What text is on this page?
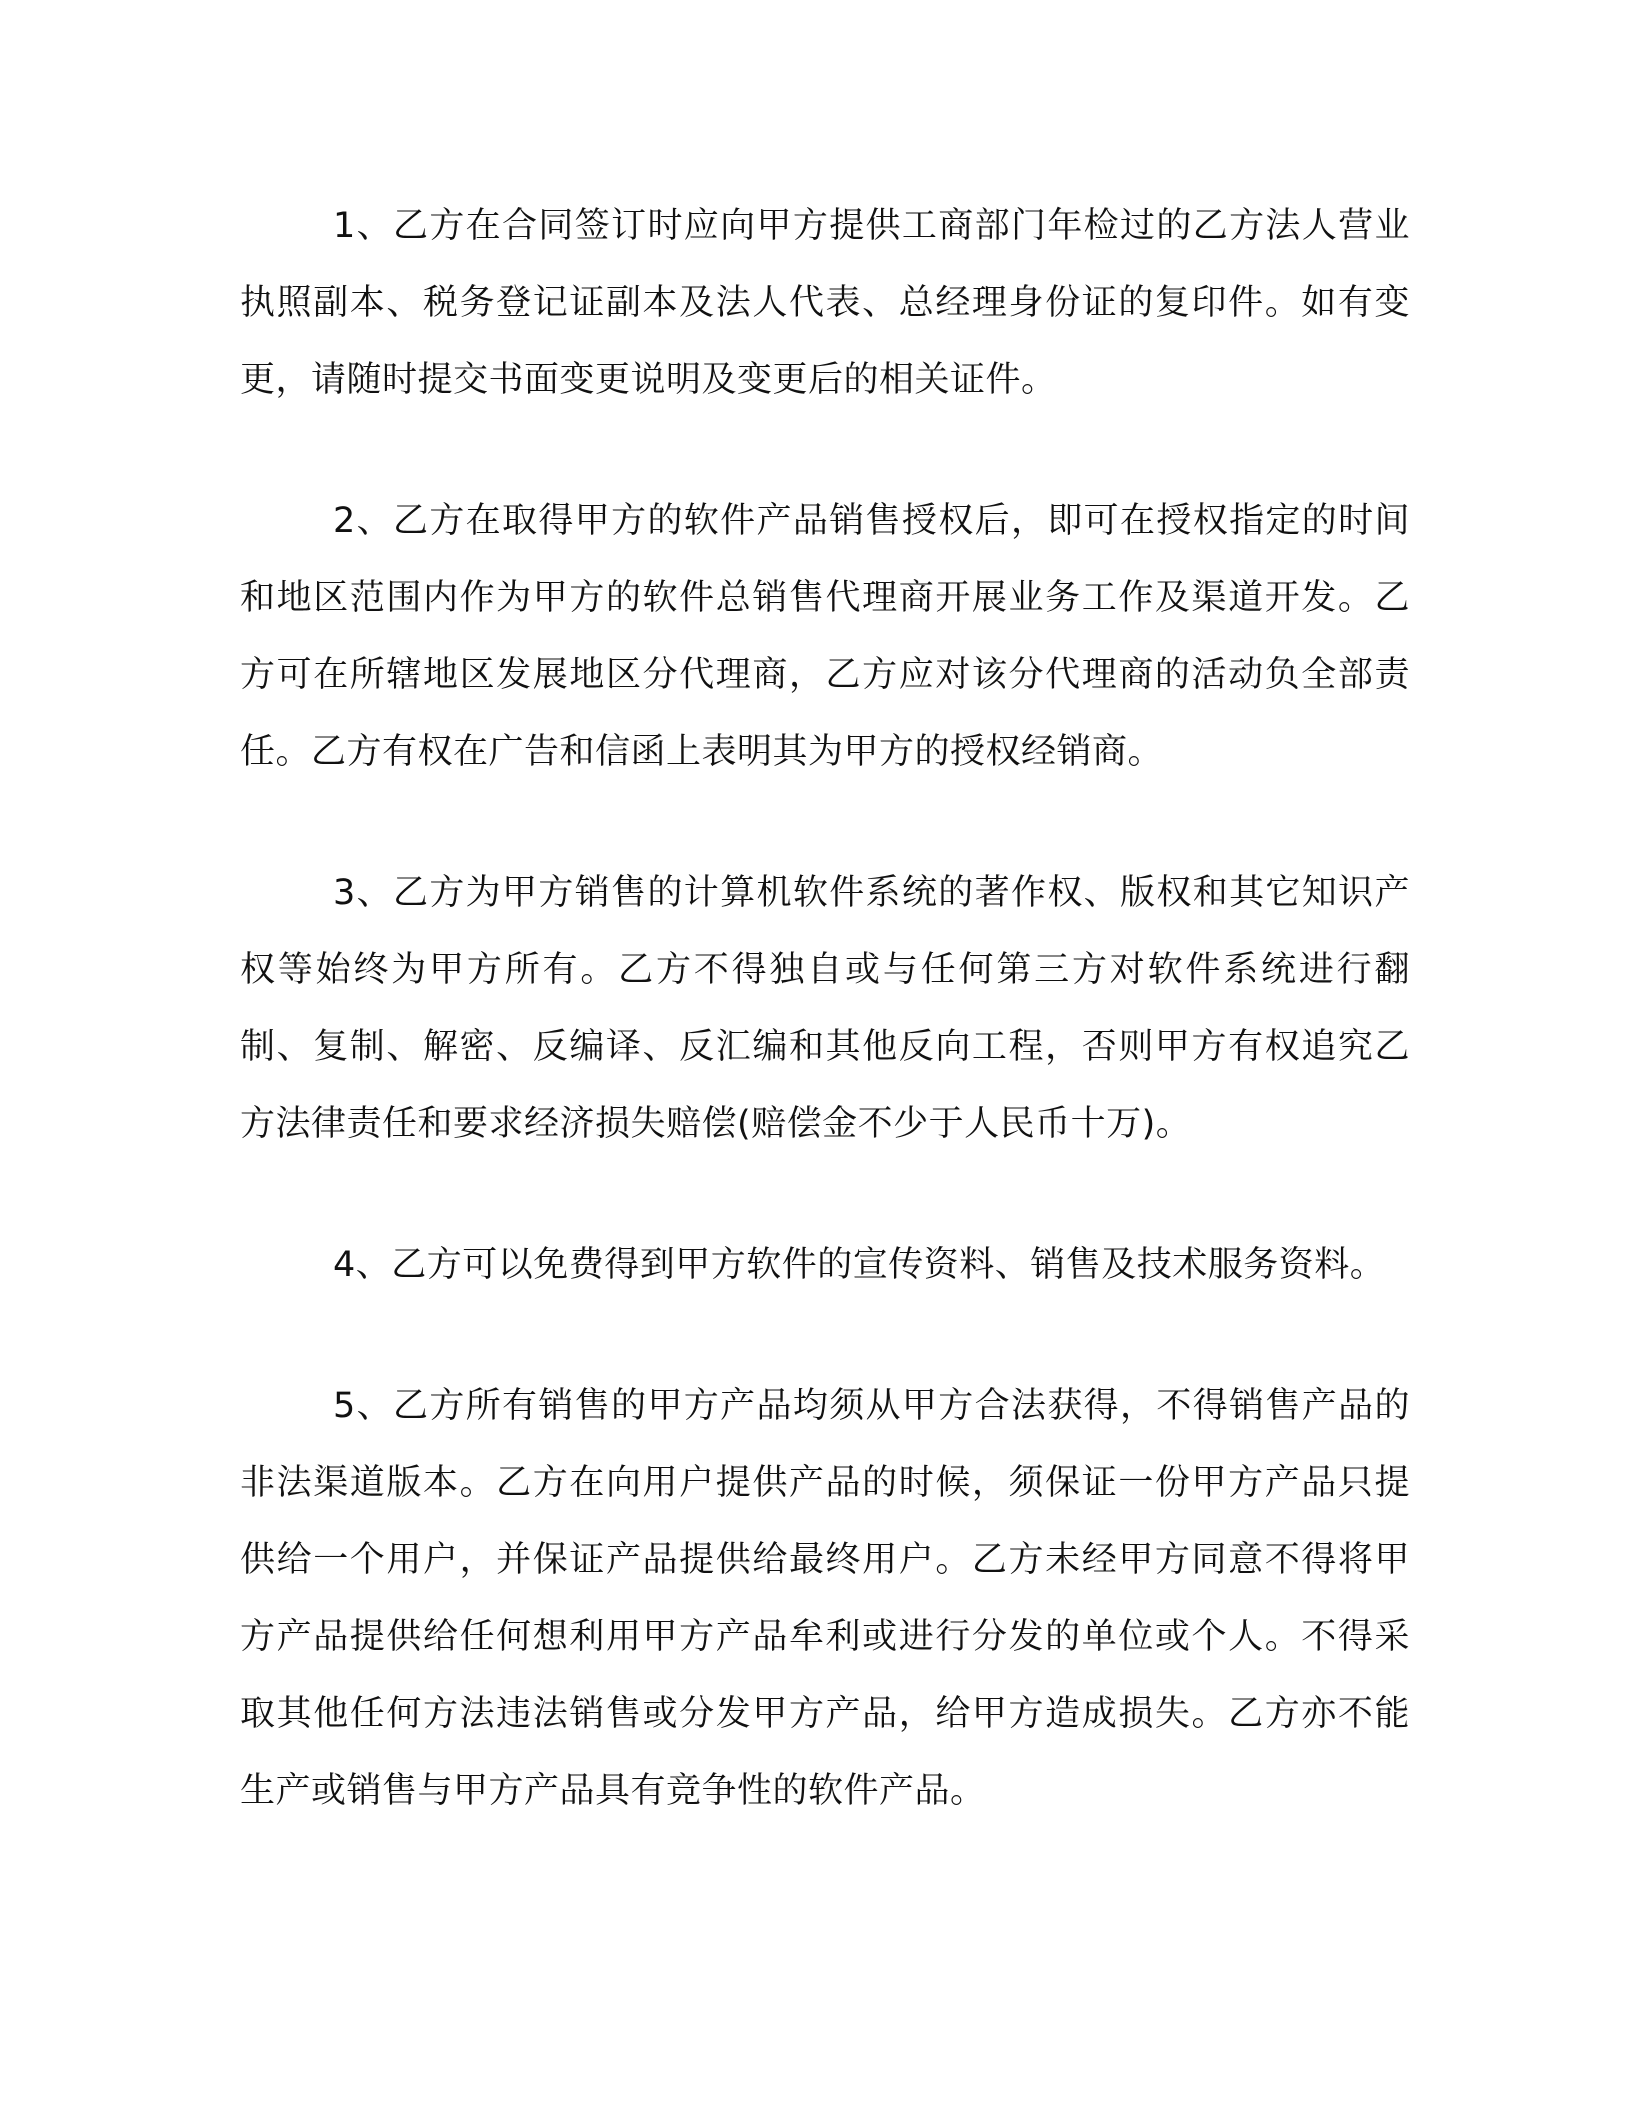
1、乙方在合同签订时应向甲方提供工商部门年检过的乙方法人营业执照副本、税务登记证副本及法人代表、总经理身份证的复印件。如有变更，请随时提交书面变更说明及变更后的相关证件。

2、乙方在取得甲方的软件产品销售授权后，即可在授权指定的时间和地区范围内作为甲方的软件总销售代理商开展业务工作及渠道开发。乙方可在所辖地区发展地区分代理商，乙方应对该分代理商的活动负全部责任。乙方有权在广告和信函上表明其为甲方的授权经销商。

3、乙方为甲方销售的计算机软件系统的著作权、版权和其它知识产权等始终为甲方所有。乙方不得独自或与任何第三方对软件系统进行翻制、复制、解密、反编译、反汇编和其他反向工程，否则甲方有权追究乙方法律责任和要求经济损失赔偿(赔偿金不少于人民币十万)。

4、乙方可以免费得到甲方软件的宣传资料、销售及技术服务资料。

5、乙方所有销售的甲方产品均须从甲方合法获得，不得销售产品的非法渠道版本。乙方在向用户提供产品的时候，须保证一份甲方产品只提供给一个用户，并保证产品提供给最终用户。乙方未经甲方同意不得将甲方产品提供给任何想利用甲方产品牟利或进行分发的单位或个人。不得采取其他任何方法违法销售或分发甲方产品，给甲方造成损失。乙方亦不能生产或销售与甲方产品具有竞争性的软件产品。
